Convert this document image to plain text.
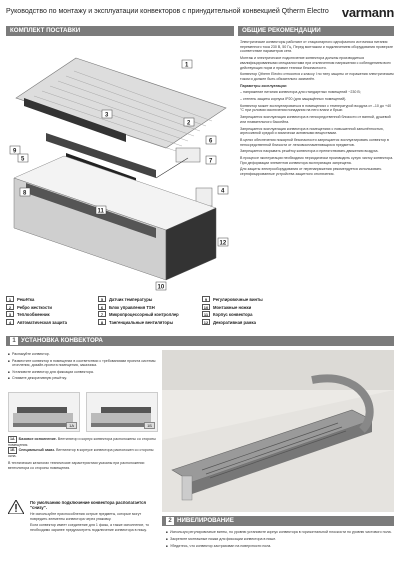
Руководство по монтажу и эксплуатации конвекторов с принудительной конвекцией Qtherm Electro varmann
КОМПЛЕКТ ПОСТАВКИ	ОБЩИЕ РЕКОМЕНДАЦИИ
1
2
3
9
5
6
7
4
8
11
12
10

Электрические конвекторы работают от стационарного однофазного источника питания переменного тока 230 В, 50 Гц. Перед монтажом и подключением оборудования проверьте соответствие параметров сети.

Монтаж и электрическое подключение конвектора должны производиться квалифицированными специалистами при отключенном напряжении с соблюдением всех действующих норм и правил техники безопасности.

Конвектор Qtherm Electro относится к классу I по типу защиты от поражения электрическим током и должен быть обязательно заземлён.

Параметры эксплуатации:

– напряжение питания конвектора для стандартных помещений ~230 В;

– степень защиты корпуса IP20 (для защищённых помещений).

Конвектор может эксплуатироваться в помещениях с температурой воздуха от –10 до +40 °С при условии исключения попадания на него влаги и брызг.

Запрещается эксплуатация конвектора в непосредственной близости от ванной, душевой или плавательного бассейна.

Запрещается эксплуатация конвектора в помещениях с повышенной запылённостью, агрессивной средой и химически активными веществами.

В целях обеспечения пожарной безопасности запрещается эксплуатировать конвектор в непосредственной близости от легковоспламеняющихся предметов.

Запрещается накрывать решётку конвектора и препятствовать движению воздуха.

В процессе эксплуатации необходимо периодически производить сухую чистку конвектора. При деформации элементов конвектора эксплуатация запрещена.

Для защиты электрооборудования от перенапряжения рекомендуется использовать сертифицированные устройства защитного отключения.

1 Решётка
2 Ребро жесткости
3 Теплообменник
4 Автоматическая защита
5 Датчик температуры
6 Блок управления TSH
7 Микропроцессорный контроллер
8 Тангенциальные вентиляторы
9 Регулировочные винты
10 Монтажные ножки
11 Корпус конвектора
12 Декоративная рамка
1 УСТАНОВКА КОНВЕКТОРА
■ Распакуйте конвектор.
■ Разместите конвектор в помещении в соответствии с требованиями проекта системы отопления, дизайн-проекта помещения, заказчика.
■ Установите конвектор для фиксации конвектора.
■ Снимите декоративную решётку.
1А	1Б

1А Базовое исполнение. Вентилятор и корпус конвектора расположены со стороны помещения.

1Б Специальный заказ. Вентилятор в корпусе конвектора расположен со стороны окна.

В технических каталогах технические характеристики указаны при расположении вентилятора со стороны помещения.

По умолчанию подключение конвектора располагается "снизу".

Не используйте приспособления острые предметы, которые могут повредить элементы конвектора через упаковку.

Если конвектор имеет соединение для 1 фазы, а также исполнение, то необходимо заранее предусмотреть подключение конвектора в нишу.

2 НИВЕЛИРОВАНИЕ
■ Используя регулировочные винты, по уровню установите корпус конвектора в горизонтальной плоскости по уровню чистового пола.
■ Закрепите монтажные ножки для фиксации конвектора в нише.
■ Убедитесь, что конвектор застрахован на поверхности пола.
